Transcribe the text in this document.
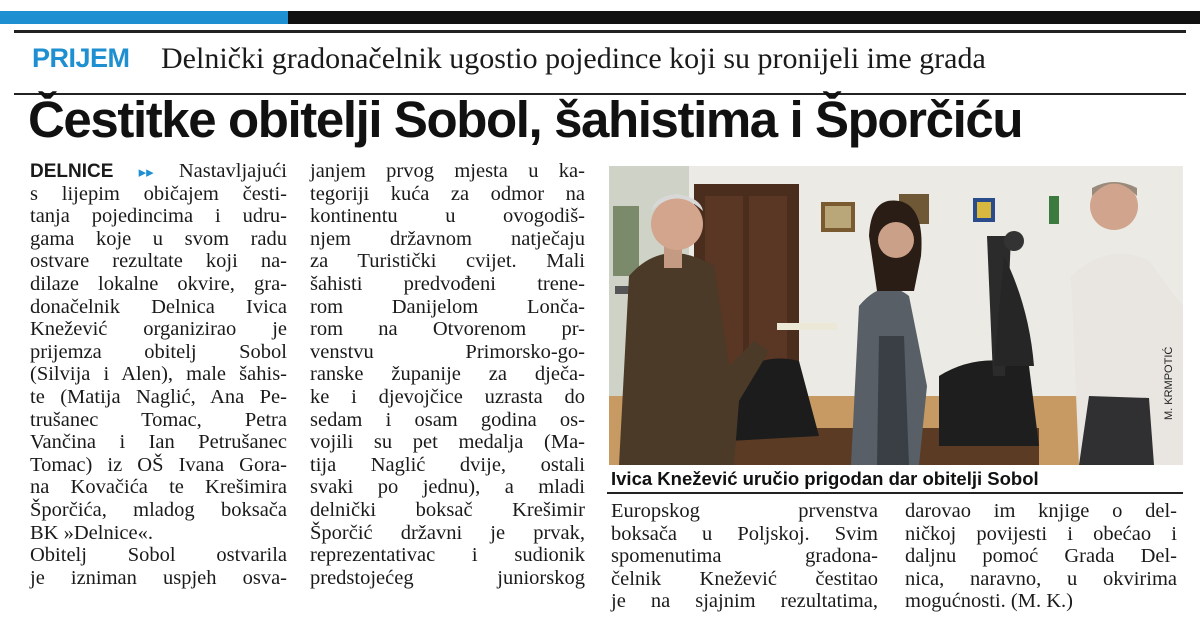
PRIJEM Delnički gradonačelnik ugostio pojedince koji su pronijeli ime grada
Čestitke obitelji Sobol, šahistima i Šporčiću
DELNICE ▸▸ Nastavljajući
s lijepim običajem česti-
tanja pojedincima i udru-
gama koje u svom radu
ostvare rezultate koji na-
dilaze lokalne okvire, gra-
donačelnik Delnica Ivica
Knežević organizirao je
prijemza obitelj Sobol
(Silvija i Alen), male šahis-
te (Matija Naglić, Ana Pe-
trušanec Tomac, Petra
Vančina i Ian Petrušanec
Tomac) iz OŠ Ivana Gora-
na Kovačića te Krešimira
Šporčića, mladog boksača
BK »Delnice«.
Obitelj Sobol ostvarila
je izniman uspjeh osva-
janjem prvog mjesta u ka-
tegoriji kuća za odmor na
kontinentu u ovogodiš-
njem državnom natječaju
za Turistički cvijet. Mali
šahisti predvođeni trene-
rom Danijelom Lonča-
rom na Otvorenom pr-
venstvu Primorsko-go-
ranske županije za dječa-
ke i djevojčice uzrasta do
sedam i osam godina os-
vojili su pet medalja (Ma-
tija Naglić dvije, ostali
svaki po jednu), a mladi
delnički boksač Krešimir
Šporčić državni je prvak,
reprezentativac i sudionik
predstojećeg juniorskog
M. KRMPOTIĆ
Ivica Knežević uručio prigodan dar obitelji Sobol
Europskog prvenstva
boksača u Poljskoj. Svim
spomenutima gradona-
čelnik Knežević čestitao
je na sjajnim rezultatima,
darovao im knjige o del-
ničkoj povijesti i obećao i
daljnu pomoć Grada Del-
nica, naravno, u okvirima
mogućnosti. (M. K.)
